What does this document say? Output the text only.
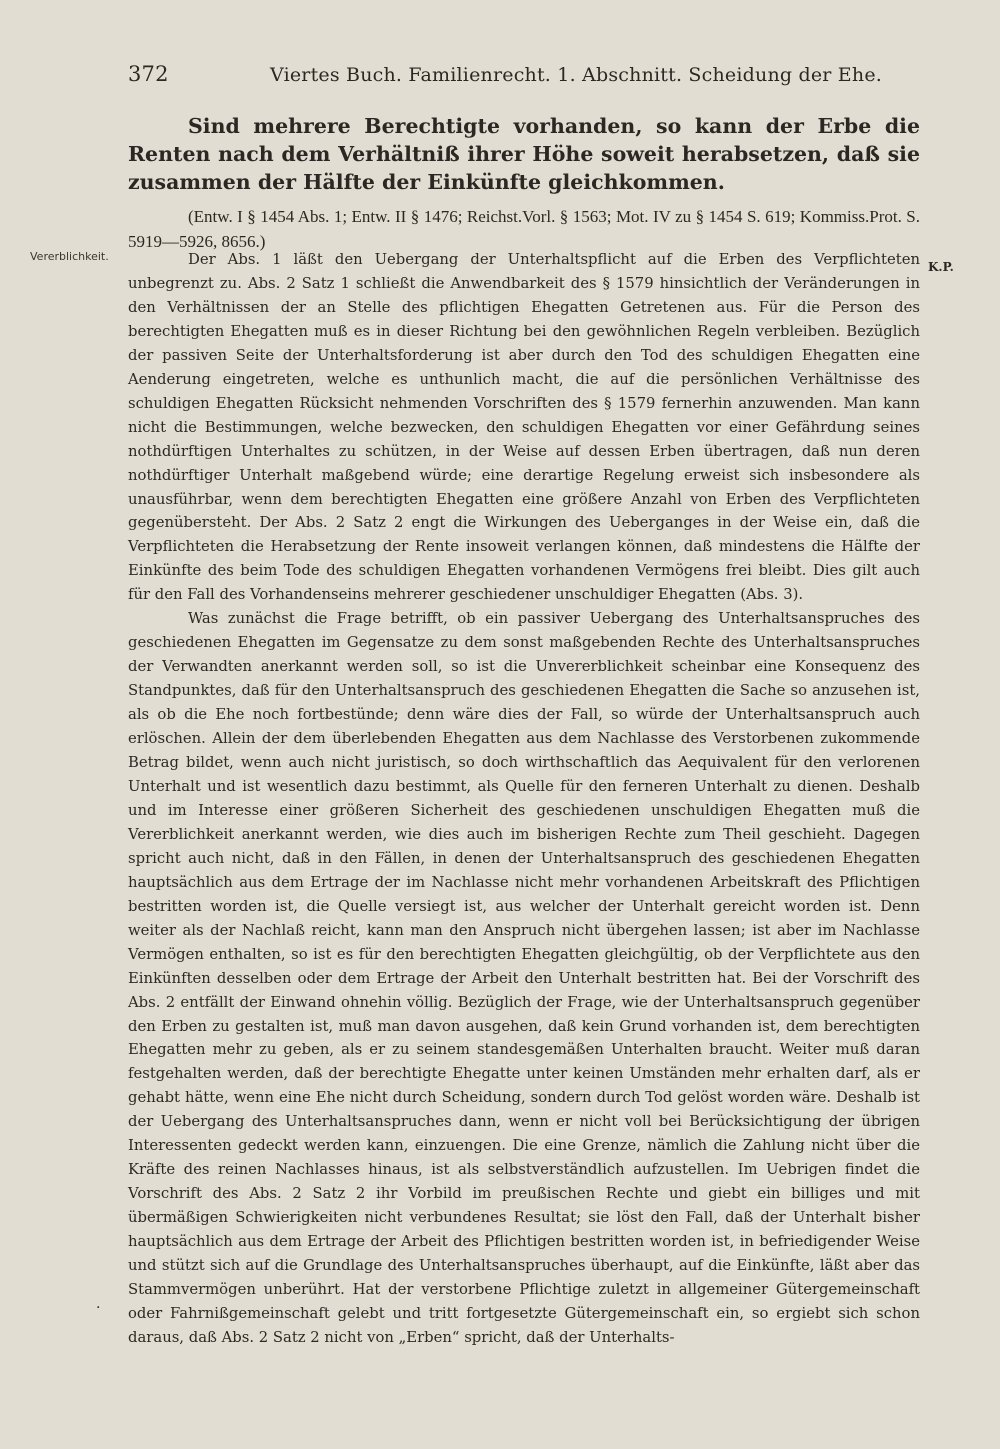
372	Viertes Buch. Familienrecht. 1. Abschnitt. Scheidung der Ehe.
Sind mehrere Berechtigte vorhanden, so kann der Erbe die Renten nach dem Verhältniß ihrer Höhe soweit herabsetzen, daß sie zusammen der Hälfte der Einkünfte gleichkommen.
(Entw. I § 1454 Abs. 1; Entw. II § 1476; Reichst.Vorl. § 1563; Mot. IV zu § 1454 S. 619; Kommiss.Prot. S. 5919—5926, 8656.)
Vererblichkeit.
K.P.
.

Der Abs. 1 läßt den Uebergang der Unterhaltspflicht auf die Erben des Verpflichteten unbegrenzt zu. Abs. 2 Satz 1 schließt die Anwendbarkeit des § 1579 hinsichtlich der Veränderungen in den Verhältnissen der an Stelle des pflichtigen Ehegatten Getretenen aus. Für die Person des berechtigten Ehegatten muß es in dieser Richtung bei den gewöhnlichen Regeln verbleiben. Bezüglich der passiven Seite der Unterhaltsforderung ist aber durch den Tod des schuldigen Ehegatten eine Aenderung eingetreten, welche es unthunlich macht, die auf die persönlichen Verhältnisse des schuldigen Ehegatten Rücksicht nehmenden Vorschriften des § 1579 fernerhin anzuwenden. Man kann nicht die Bestimmungen, welche bezwecken, den schuldigen Ehegatten vor einer Gefährdung seines nothdürftigen Unterhaltes zu schützen, in der Weise auf dessen Erben übertragen, daß nun deren nothdürftiger Unterhalt maßgebend würde; eine derartige Regelung erweist sich insbesondere als unausführbar, wenn dem berechtigten Ehegatten eine größere Anzahl von Erben des Verpflichteten gegenübersteht. Der Abs. 2 Satz 2 engt die Wirkungen des Ueberganges in der Weise ein, daß die Verpflichteten die Herabsetzung der Rente insoweit verlangen können, daß mindestens die Hälfte der Einkünfte des beim Tode des schuldigen Ehegatten vorhandenen Vermögens frei bleibt. Dies gilt auch für den Fall des Vorhandenseins mehrerer geschiedener unschuldiger Ehegatten (Abs. 3).

Was zunächst die Frage betrifft, ob ein passiver Uebergang des Unterhaltsanspruches des geschiedenen Ehegatten im Gegensatze zu dem sonst maßgebenden Rechte des Unterhaltsanspruches der Verwandten anerkannt werden soll, so ist die Unvererblichkeit scheinbar eine Konsequenz des Standpunktes, daß für den Unterhaltsanspruch des geschiedenen Ehegatten die Sache so anzusehen ist, als ob die Ehe noch fortbestünde; denn wäre dies der Fall, so würde der Unterhaltsanspruch auch erlöschen. Allein der dem überlebenden Ehegatten aus dem Nachlasse des Verstorbenen zukommende Betrag bildet, wenn auch nicht juristisch, so doch wirthschaftlich das Aequivalent für den verlorenen Unterhalt und ist wesentlich dazu bestimmt, als Quelle für den ferneren Unterhalt zu dienen. Deshalb und im Interesse einer größeren Sicherheit des geschiedenen unschuldigen Ehegatten muß die Vererblichkeit anerkannt werden, wie dies auch im bisherigen Rechte zum Theil geschieht. Dagegen spricht auch nicht, daß in den Fällen, in denen der Unterhaltsanspruch des geschiedenen Ehegatten hauptsächlich aus dem Ertrage der im Nachlasse nicht mehr vorhandenen Arbeitskraft des Pflichtigen bestritten worden ist, die Quelle versiegt ist, aus welcher der Unterhalt gereicht worden ist. Denn weiter als der Nachlaß reicht, kann man den Anspruch nicht übergehen lassen; ist aber im Nachlasse Vermögen enthalten, so ist es für den berechtigten Ehegatten gleichgültig, ob der Verpflichtete aus den Einkünften desselben oder dem Ertrage der Arbeit den Unterhalt bestritten hat. Bei der Vorschrift des Abs. 2 entfällt der Einwand ohnehin völlig. Bezüglich der Frage, wie der Unterhaltsanspruch gegenüber den Erben zu gestalten ist, muß man davon ausgehen, daß kein Grund vorhanden ist, dem berechtigten Ehegatten mehr zu geben, als er zu seinem standesgemäßen Unterhalten braucht. Weiter muß daran festgehalten werden, daß der berechtigte Ehegatte unter keinen Umständen mehr erhalten darf, als er gehabt hätte, wenn eine Ehe nicht durch Scheidung, sondern durch Tod gelöst worden wäre. Deshalb ist der Uebergang des Unterhaltsanspruches dann, wenn er nicht voll bei Berücksichtigung der übrigen Interessenten gedeckt werden kann, einzuengen. Die eine Grenze, nämlich die Zahlung nicht über die Kräfte des reinen Nachlasses hinaus, ist als selbstverständlich aufzustellen. Im Uebrigen findet die Vorschrift des Abs. 2 Satz 2 ihr Vorbild im preußischen Rechte und giebt ein billiges und mit übermäßigen Schwierigkeiten nicht verbundenes Resultat; sie löst den Fall, daß der Unterhalt bisher hauptsächlich aus dem Ertrage der Arbeit des Pflichtigen bestritten worden ist, in befriedigender Weise und stützt sich auf die Grundlage des Unterhaltsanspruches überhaupt, auf die Einkünfte, läßt aber das Stammvermögen unberührt. Hat der verstorbene Pflichtige zuletzt in allgemeiner Gütergemeinschaft oder Fahrnißgemeinschaft gelebt und tritt fortgesetzte Gütergemeinschaft ein, so ergiebt sich schon daraus, daß Abs. 2 Satz 2 nicht von „Erben“ spricht, daß der Unterhalts-
